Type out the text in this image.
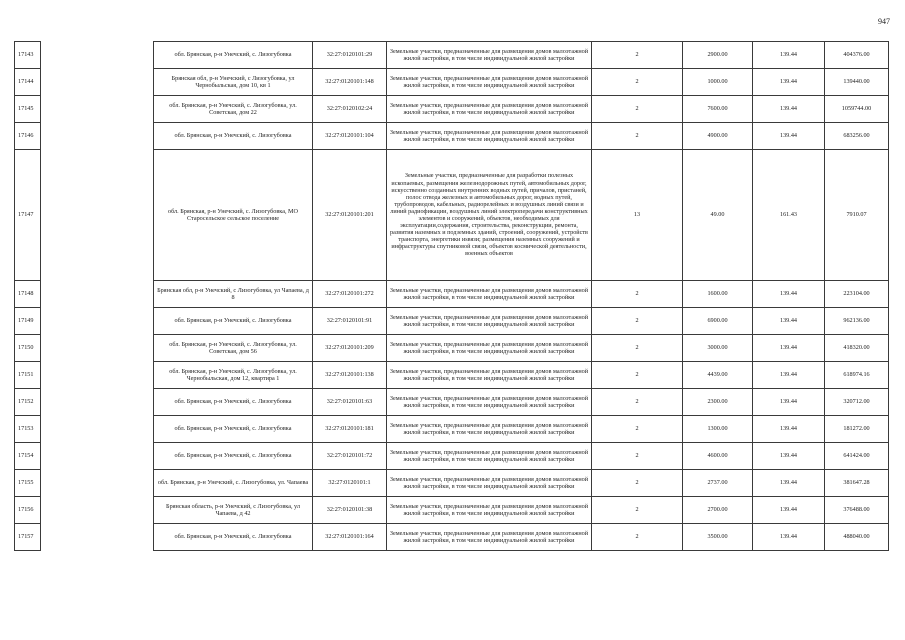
947
17143		обл. Брянская, р-н Унечский, с. Лизогубовка	32:27:0120101:29	Земельные участки, предназначенные для размещения домов малоэтажной жилой застройки, в том числе индивидуальной жилой застройки	2	2900.00	139.44	404376.00
17144		Брянская обл, р-н Унечский, с Лизогубовка, ул Чернобыльская, дом 10, кв 1	32:27:0120101:148	Земельные участки, предназначенные для размещения домов малоэтажной жилой застройки, в том числе индивидуальной жилой застройки	2	1000.00	139.44	139440.00
17145		обл. Брянская, р-н Унечский, с. Лизогубовка, ул. Советская, дом 22	32:27:0120102:24	Земельные участки, предназначенные для размещения домов малоэтажной жилой застройки, в том числе индивидуальной жилой застройки	2	7600.00	139.44	1059744.00
17146		обл. Брянская, р-н Унечский, с. Лизогубовка	32:27:0120101:104	Земельные участки, предназначенные для размещения домов малоэтажной жилой застройки, в том числе индивидуальной жилой застройки	2	4900.00	139.44	683256.00
17147		обл. Брянская, р-н Унечский, с. Лизогубовка, МО Старосельское сельское поселение	32:27:0120101:201	Земельные участки, предназначенные для разработки полезных ископаемых, размещения железнодорожных путей, автомобильных дорог, искусственно созданных внутренних водных путей, причалов, пристаней, полос отвода железных и автомобильных дорог, водных путей, трубопроводов, кабельных, радиорелейных и воздушных линий связи и линий радиофикации, воздушных линий электропередачи конструктивных элементов и сооружений, объектов, необходимых для эксплуатации,содержания, строительства, реконструкции, ремонта, развития наземных и подземных зданий, строений, сооружений, устройств транспорта, энергетики иsвязи; размещения наземных сооружений и инфраструктуры спутниковой связи, объектов космической деятельности, военных объектов	13	49.00	161.43	7910.07
17148		Брянская обл, р-н Унечский, с Лизогубовка, ул Чапаева, д 8	32:27:0120101:272	Земельные участки, предназначенные для размещения домов малоэтажной жилой застройки, в том числе индивидуальной жилой застройки	2	1600.00	139.44	223104.00
17149		обл. Брянская, р-н Унечский, с. Лизогубовка	32:27:0120101:91	Земельные участки, предназначенные для размещения домов малоэтажной жилой застройки, в том числе индивидуальной жилой застройки	2	6900.00	139.44	962136.00
17150		обл. Брянская, р-н Унечский, с. Лизогубовка, ул. Советская, дом 56	32:27:0120101:209	Земельные участки, предназначенные для размещения домов малоэтажной жилой застройки, в том числе индивидуальной жилой застройки	2	3000.00	139.44	418320.00
17151		обл. Брянская, р-н Унечский, с. Лизогубовка, ул. Чернобыльская, дом 12, квартира 1	32:27:0120101:138	Земельные участки, предназначенные для размещения домов малоэтажной жилой застройки, в том числе индивидуальной жилой застройки	2	4439.00	139.44	618974.16
17152		обл. Брянская, р-н Унечский, с. Лизогубовка	32:27:0120101:63	Земельные участки, предназначенные для размещения домов малоэтажной жилой застройки, в том числе индивидуальной жилой застройки	2	2300.00	139.44	320712.00
17153		обл. Брянская, р-н Унечский, с. Лизогубовка	32:27:0120101:181	Земельные участки, предназначенные для размещения домов малоэтажной жилой застройки, в том числе индивидуальной жилой застройки	2	1300.00	139.44	181272.00
17154		обл. Брянская, р-н Унечский, с. Лизогубовка	32:27:0120101:72	Земельные участки, предназначенные для размещения домов малоэтажной жилой застройки, в том числе индивидуальной жилой застройки	2	4600.00	139.44	641424.00
17155		обл. Брянская, р-н Унечский, с. Лизогубовка, ул. Чапаева	32:27:0120101:1	Земельные участки, предназначенные для размещения домов малоэтажной жилой застройки, в том числе индивидуальной жилой застройки	2	2737.00	139.44	381647.28
17156		Брянская область, р-н Унечский, с Лизогубовка, ул Чапаева, д 42	32:27:0120101:38	Земельные участки, предназначенные для размещения домов малоэтажной жилой застройки, в том числе индивидуальной жилой застройки	2	2700.00	139.44	376488.00
17157		обл. Брянская, р-н Унечский, с. Лизогубовка	32:27:0120101:164	Земельные участки, предназначенные для размещения домов малоэтажной жилой застройки, в том числе индивидуальной жилой застройки	2	3500.00	139.44	488040.00
